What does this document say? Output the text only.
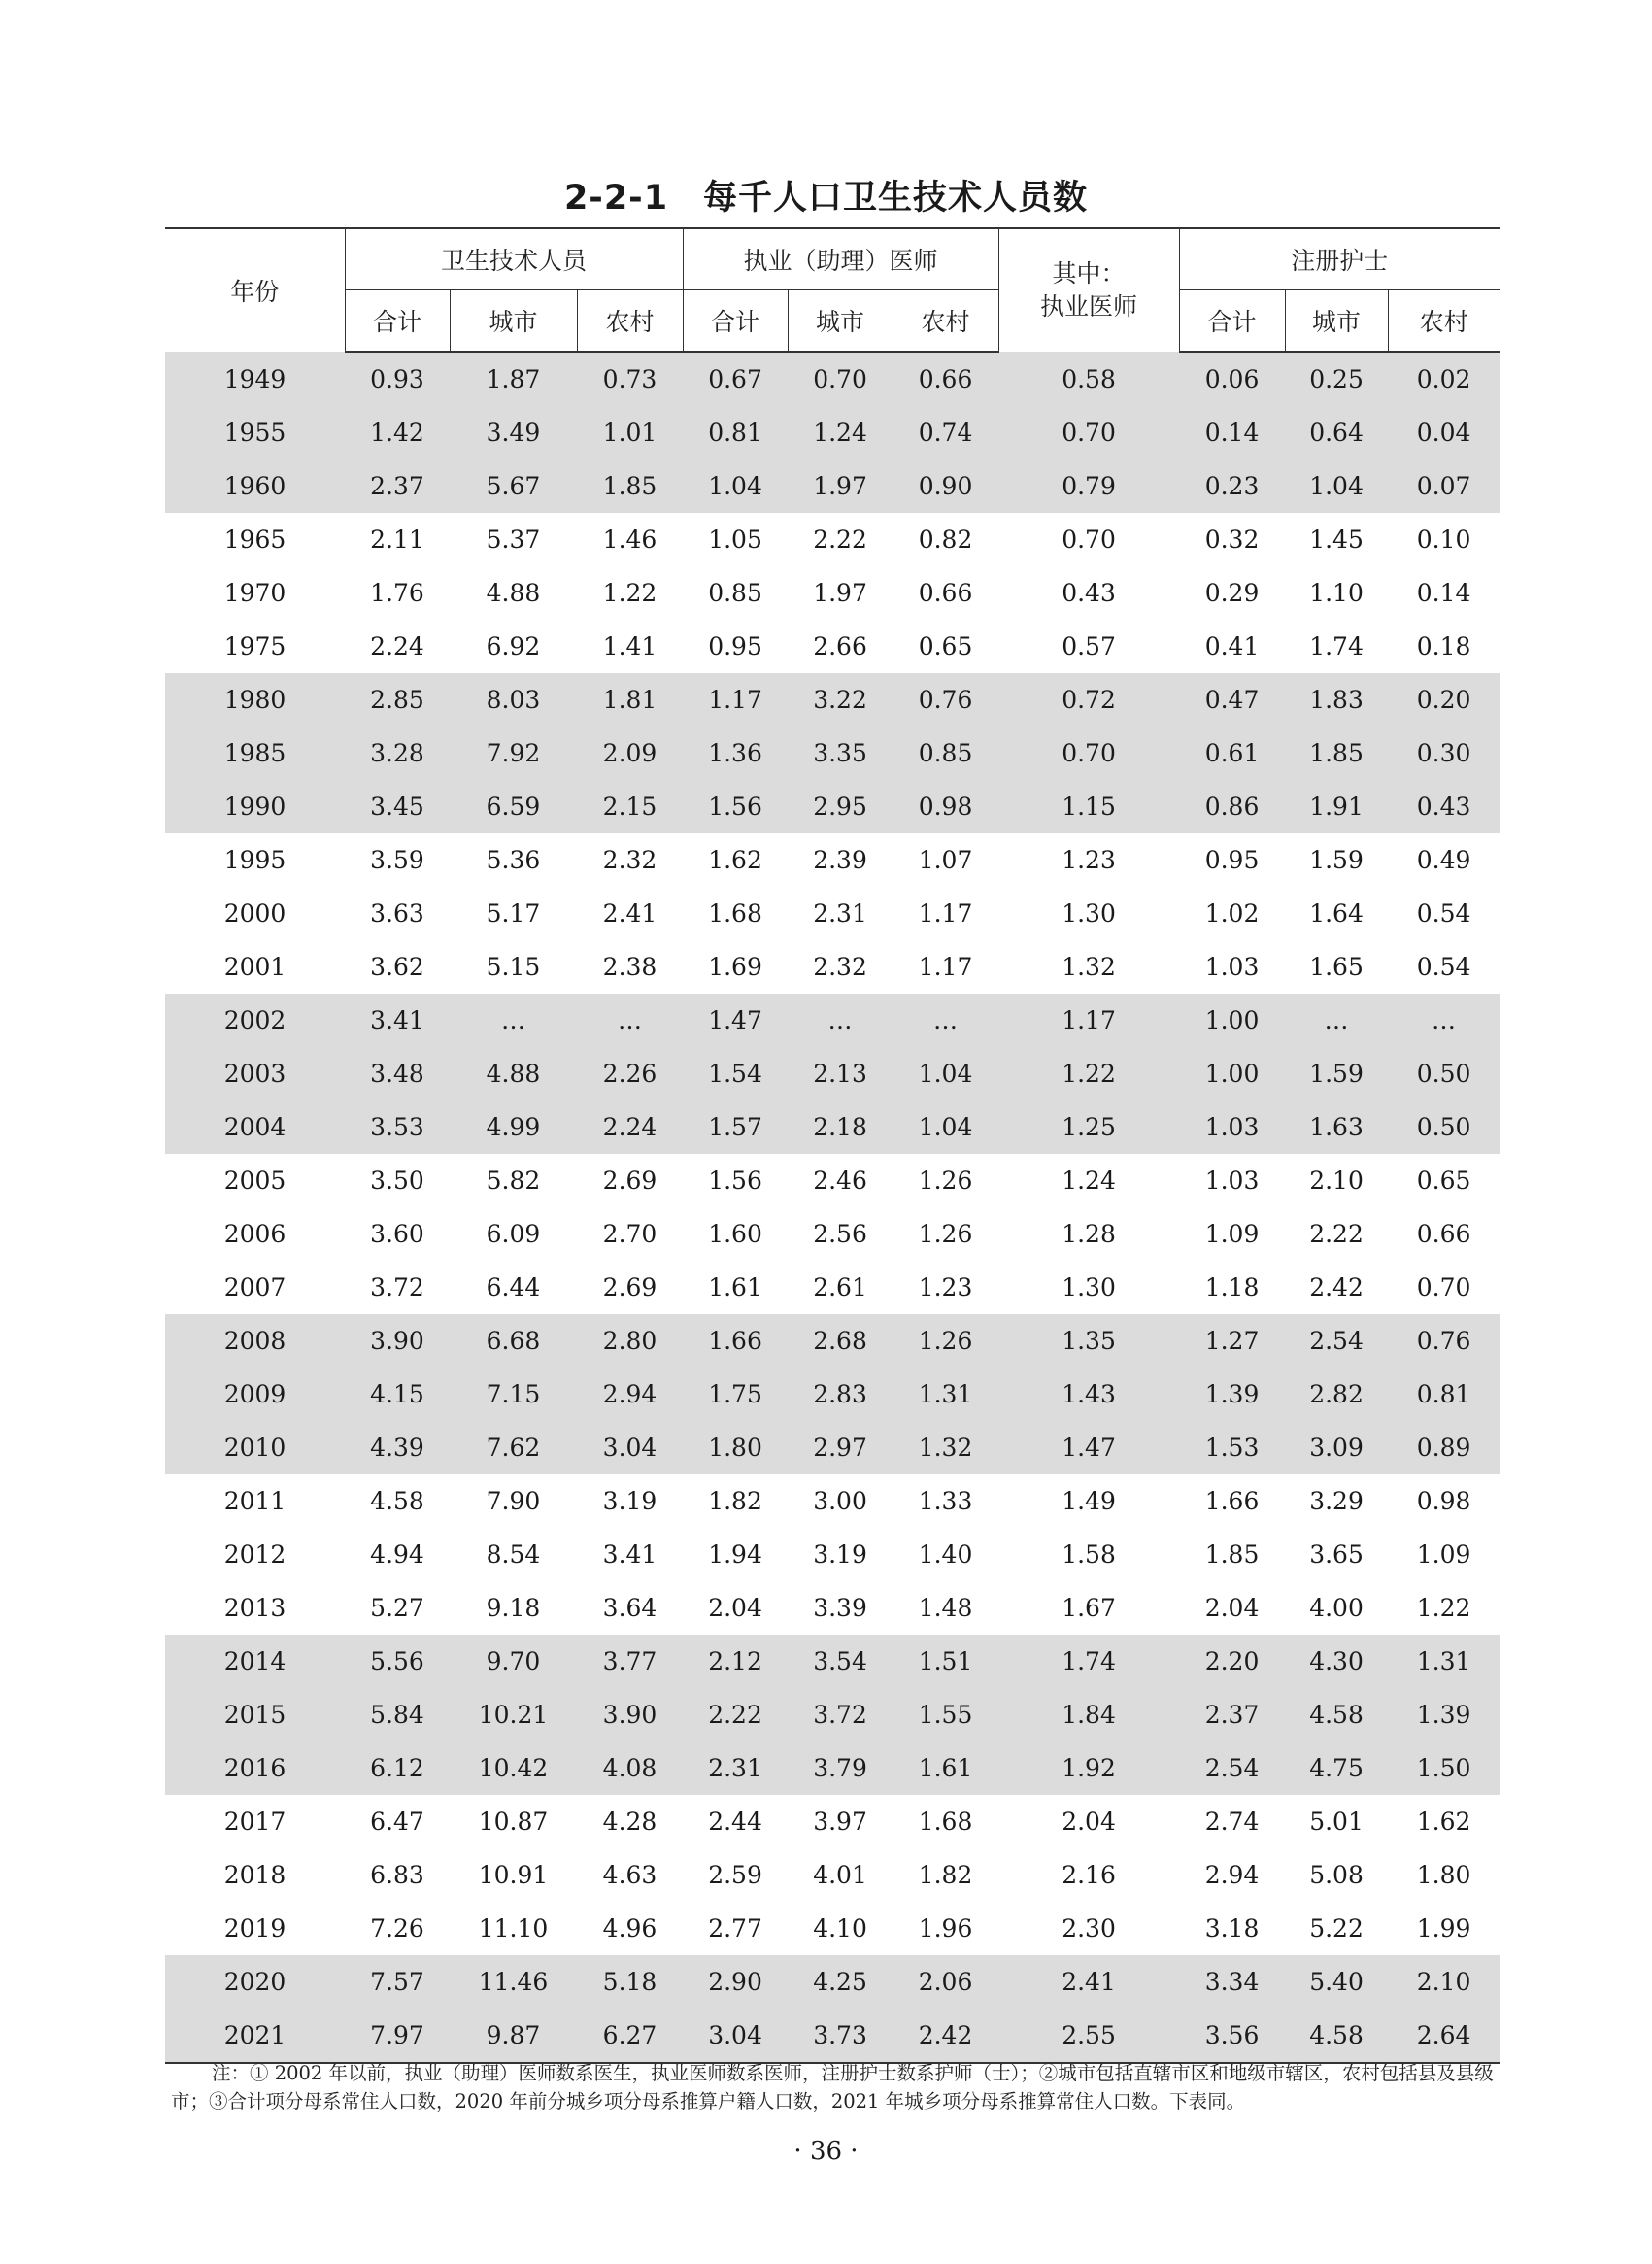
2-2-1　每千人口卫生技术人员数
年份	卫生技术人员			执业（助理）医师			其中：
执业医师	注册护士		
	合计	城市	农村	合计	城市	农村		合计	城市	农村
1949	0.93	1.87	0.73	0.67	0.70	0.66	0.58	0.06	0.25	0.02
1955	1.42	3.49	1.01	0.81	1.24	0.74	0.70	0.14	0.64	0.04
1960	2.37	5.67	1.85	1.04	1.97	0.90	0.79	0.23	1.04	0.07
1965	2.11	5.37	1.46	1.05	2.22	0.82	0.70	0.32	1.45	0.10
1970	1.76	4.88	1.22	0.85	1.97	0.66	0.43	0.29	1.10	0.14
1975	2.24	6.92	1.41	0.95	2.66	0.65	0.57	0.41	1.74	0.18
1980	2.85	8.03	1.81	1.17	3.22	0.76	0.72	0.47	1.83	0.20
1985	3.28	7.92	2.09	1.36	3.35	0.85	0.70	0.61	1.85	0.30
1990	3.45	6.59	2.15	1.56	2.95	0.98	1.15	0.86	1.91	0.43
1995	3.59	5.36	2.32	1.62	2.39	1.07	1.23	0.95	1.59	0.49
2000	3.63	5.17	2.41	1.68	2.31	1.17	1.30	1.02	1.64	0.54
2001	3.62	5.15	2.38	1.69	2.32	1.17	1.32	1.03	1.65	0.54
2002	3.41	…	…	1.47	…	…	1.17	1.00	…	…
2003	3.48	4.88	2.26	1.54	2.13	1.04	1.22	1.00	1.59	0.50
2004	3.53	4.99	2.24	1.57	2.18	1.04	1.25	1.03	1.63	0.50
2005	3.50	5.82	2.69	1.56	2.46	1.26	1.24	1.03	2.10	0.65
2006	3.60	6.09	2.70	1.60	2.56	1.26	1.28	1.09	2.22	0.66
2007	3.72	6.44	2.69	1.61	2.61	1.23	1.30	1.18	2.42	0.70
2008	3.90	6.68	2.80	1.66	2.68	1.26	1.35	1.27	2.54	0.76
2009	4.15	7.15	2.94	1.75	2.83	1.31	1.43	1.39	2.82	0.81
2010	4.39	7.62	3.04	1.80	2.97	1.32	1.47	1.53	3.09	0.89
2011	4.58	7.90	3.19	1.82	3.00	1.33	1.49	1.66	3.29	0.98
2012	4.94	8.54	3.41	1.94	3.19	1.40	1.58	1.85	3.65	1.09
2013	5.27	9.18	3.64	2.04	3.39	1.48	1.67	2.04	4.00	1.22
2014	5.56	9.70	3.77	2.12	3.54	1.51	1.74	2.20	4.30	1.31
2015	5.84	10.21	3.90	2.22	3.72	1.55	1.84	2.37	4.58	1.39
2016	6.12	10.42	4.08	2.31	3.79	1.61	1.92	2.54	4.75	1.50
2017	6.47	10.87	4.28	2.44	3.97	1.68	2.04	2.74	5.01	1.62
2018	6.83	10.91	4.63	2.59	4.01	1.82	2.16	2.94	5.08	1.80
2019	7.26	11.10	4.96	2.77	4.10	1.96	2.30	3.18	5.22	1.99
2020	7.57	11.46	5.18	2.90	4.25	2.06	2.41	3.34	5.40	2.10
2021	7.97	9.87	6.27	3.04	3.73	2.42	2.55	3.56	4.58	2.64
注：① 2002 年以前，执业（助理）医师数系医生，执业医师数系医师，注册护士数系护师（士）；②城市包括直辖市区和地级市辖区，农村包括县及县级市；③合计项分母系常住人口数，2020 年前分城乡项分母系推算户籍人口数，2021 年城乡项分母系推算常住人口数。下表同。
· 36 ·
